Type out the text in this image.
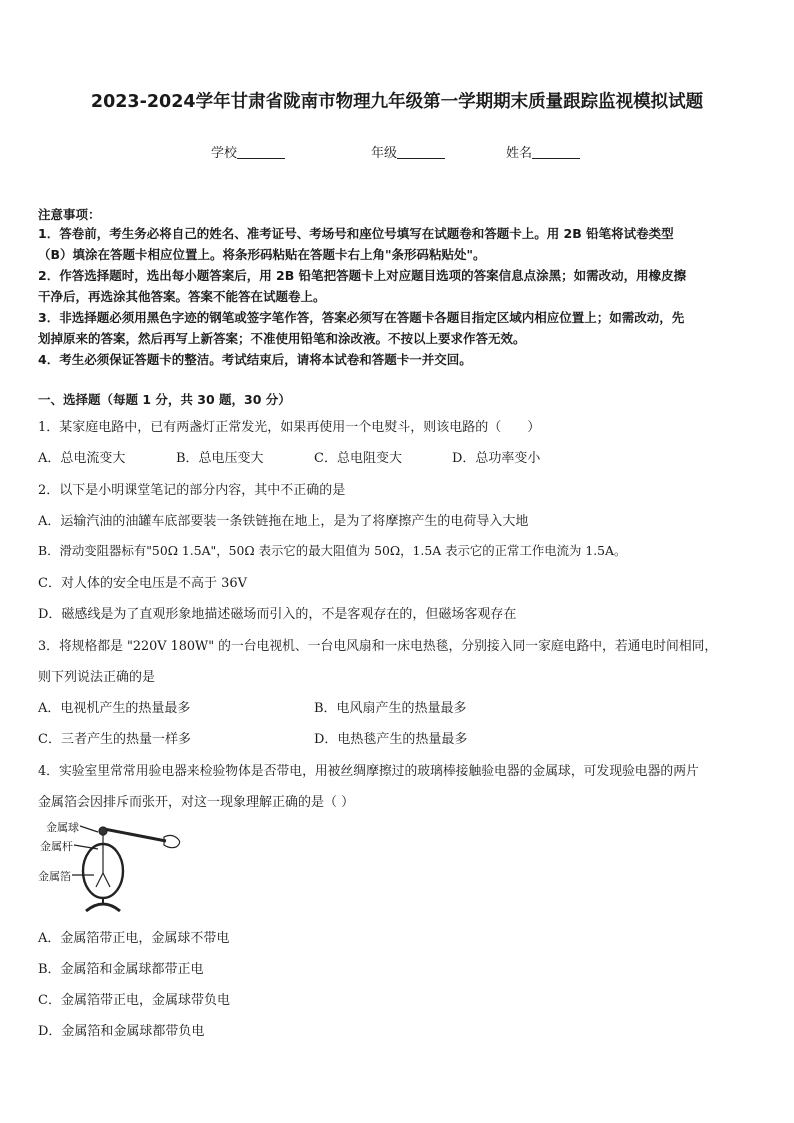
2023-2024学年甘肃省陇南市物理九年级第一学期期末质量跟踪监视模拟试题
学校	年级	姓名
注意事项：
1．答卷前，考生务必将自己的姓名、准考证号、考场号和座位号填写在试题卷和答题卡上。用 2B 铅笔将试卷类型
（B）填涂在答题卡相应位置上。将条形码粘贴在答题卡右上角"条形码粘贴处"。
2．作答选择题时，选出每小题答案后，用 2B 铅笔把答题卡上对应题目选项的答案信息点涂黑；如需改动，用橡皮擦
干净后，再选涂其他答案。答案不能答在试题卷上。
3．非选择题必须用黑色字迹的钢笔或签字笔作答，答案必须写在答题卡各题目指定区域内相应位置上；如需改动，先
划掉原来的答案，然后再写上新答案；不准使用铅笔和涂改液。不按以上要求作答无效。
4．考生必须保证答题卡的整洁。考试结束后，请将本试卷和答题卡一并交回。
一、选择题（每题 1 分，共 30 题，30 分）
1．某家庭电路中，已有两盏灯正常发光，如果再使用一个电熨斗，则该电路的（　　）
A．总电流变大	B．总电压变大	C．总电阻变大	D．总功率变小
2．以下是小明课堂笔记的部分内容，其中不正确的是
A．运输汽油的油罐车底部要装一条铁链拖在地上，是为了将摩擦产生的电荷导入大地
B．滑动变阻器标有"50Ω 1.5A"，50Ω 表示它的最大阻值为 50Ω，1.5A 表示它的正常工作电流为 1.5A。
C．对人体的安全电压是不高于 36V
D．磁感线是为了直观形象地描述磁场而引入的，不是客观存在的，但磁场客观存在
3．将规格都是 "220V 180W" 的一台电视机、一台电风扇和一床电热毯，分别接入同一家庭电路中，若通电时间相同，
则下列说法正确的是
A．电视机产生的热量最多	B．电风扇产生的热量最多
C．三者产生的热量一样多	D．电热毯产生的热量最多
4．实验室里常常用验电器来检验物体是否带电，用被丝绸摩擦过的玻璃棒接触验电器的金属球，可发现验电器的两片
金属箔会因排斥而张开，对这一现象理解正确的是（ ）
金属球
金属杆
金属箔
A．金属箔带正电，金属球不带电
B．金属箔和金属球都带正电
C．金属箔带正电，金属球带负电
D．金属箔和金属球都带负电
